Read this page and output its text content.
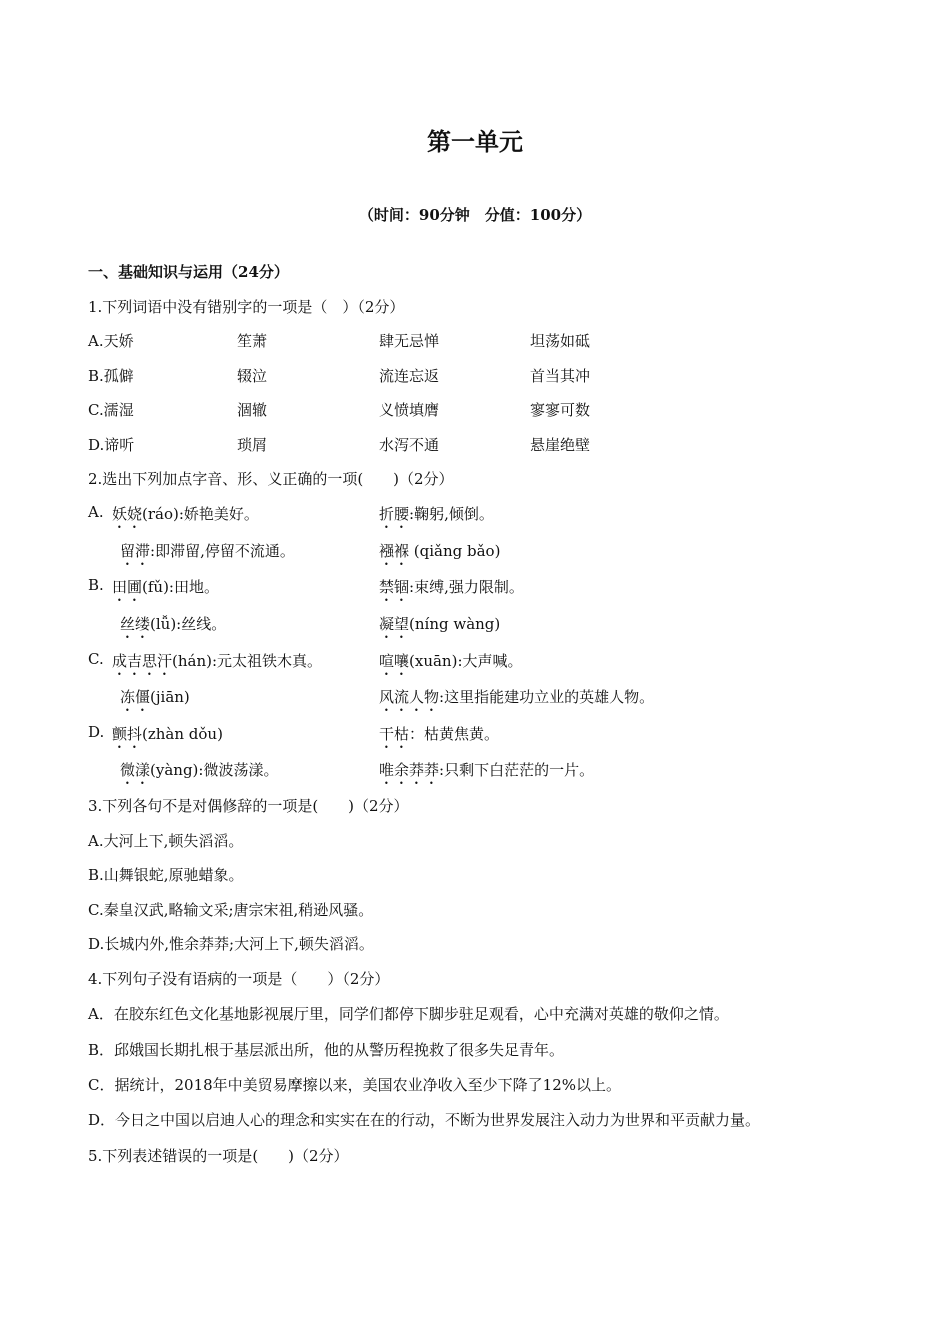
第一单元
（时间：90分钟　分值：100分）
一、基础知识与运用（24分）
1.下列词语中没有错别字的一项是（　）（2分）
A.天娇	笙萧	肆无忌惮	坦荡如砥
B.孤僻	辍泣	流连忘返	首当其冲
C.濡湿	涸辙	义愤填膺	寥寥可数
D.谛听	琐屑	水泻不通	悬崖绝壁
2.选出下列加点字音、形、义正确的一项(　　)（2分）
A. 妖娆(ráo):娇艳美好。	折腰:鞠躬,倾倒。
留滞:即滞留,停留不流通。	襁褓 (qiǎng bǎo)
B. 田圃(fǔ):田地。	禁锢:束缚,强力限制。
丝缕(lǚ):丝线。	凝望(níng wàng)
C. 成吉思汗(hán):元太祖铁木真。	喧嚷(xuān):大声喊。
冻僵(jiān)	风流人物:这里指能建功立业的英雄人物。
D. 颤抖(zhàn dǒu)	干枯：枯黄焦黄。
微漾(yàng):微波荡漾。	唯余莽莽:只剩下白茫茫的一片。
3.下列各句不是对偶修辞的一项是(　　)（2分）
A.大河上下,顿失滔滔。
B.山舞银蛇,原驰蜡象。
C.秦皇汉武,略输文采;唐宗宋祖,稍逊风骚。
D.长城内外,惟余莽莽;大河上下,顿失滔滔。
4.下列句子没有语病的一项是（　　）（2分）
A．在胶东红色文化基地影视展厅里，同学们都停下脚步驻足观看，心中充满对英雄的敬仰之情。
B．邱娥国长期扎根于基层派出所，他的从警历程挽救了很多失足青年。
C．据统计，2018年中美贸易摩擦以来，美国农业净收入至少下降了12%以上。
D．今日之中国以启迪人心的理念和实实在在的行动，不断为世界发展注入动力为世界和平贡献力量。
5.下列表述错误的一项是(　　)（2分）
